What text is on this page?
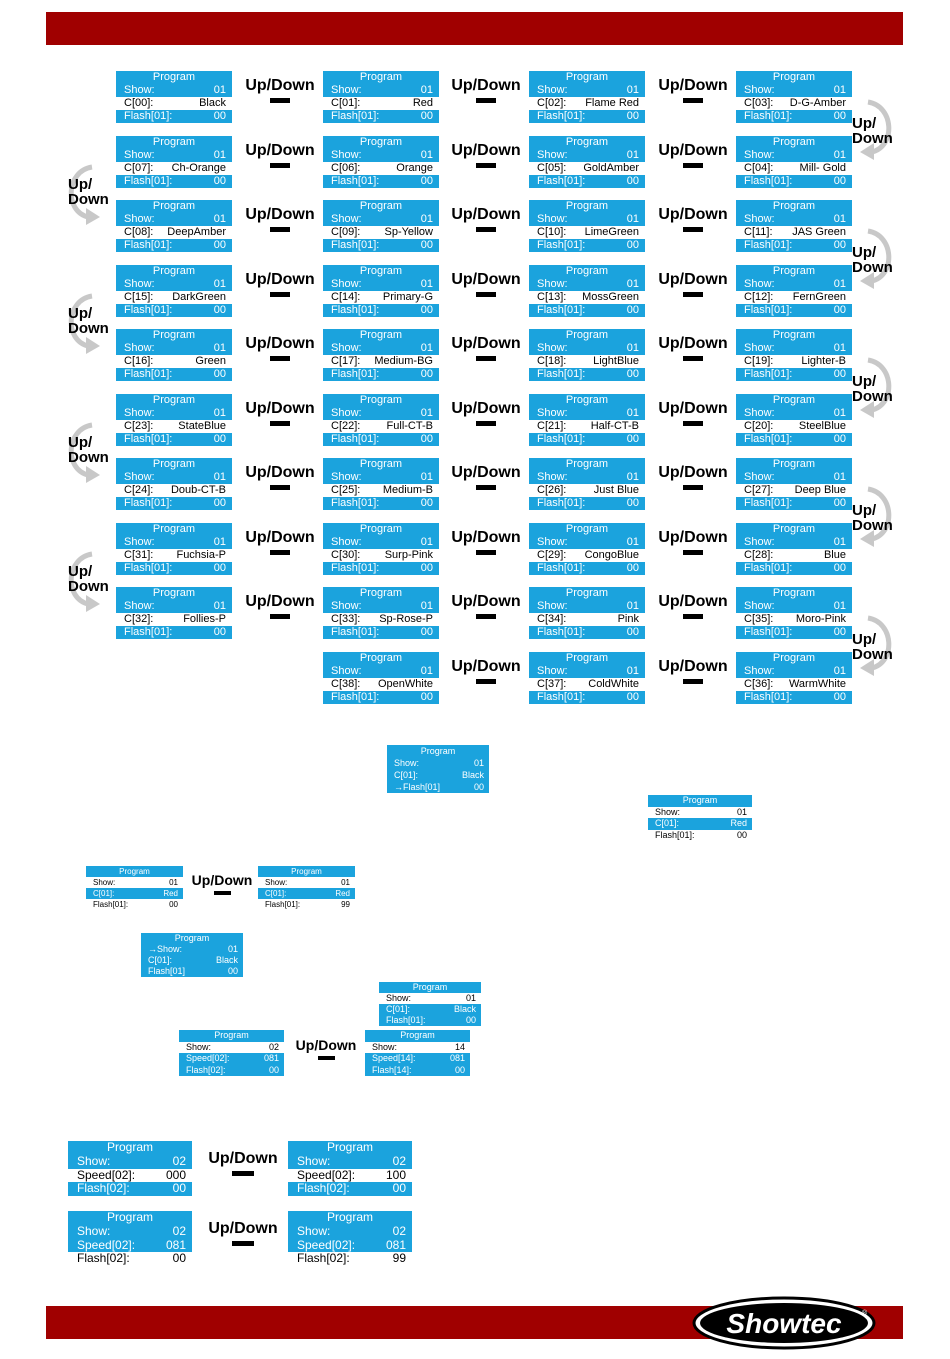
Showtec	®
Program
Show:	01
C[00]:	Black
Flash[01]:	00
Program
Show:	01
C[01]:	Red
Flash[01]:	00
Program
Show:	01
C[02]: Flame Red
Flash[01]:	00
Program
Show:	01
C[03]: D-G-Amber
Flash[01]:	00
Up/Down	Up/Down	Up/Down
Program
Show:	01
C[07]: Ch-Orange
Flash[01]:	00
Program
Show:	01
C[06]:	Orange
Flash[01]:	00
Program
Show:	01
C[05]: GoldAmber
Flash[01]:	00
Program
Show:	01
C[04]: Mill- Gold
Flash[01]:	00
Up/Down	Up/Down	Up/Down
Program
Show:	01
C[08]: DeepAmber
Flash[01]:	00
Program
Show:	01
C[09]: Sp-Yellow
Flash[01]:	00
Program
Show:	01
C[10]: LimeGreen
Flash[01]:	00
Program
Show:	01
C[11]: JAS Green
Flash[01]:	00
Up/Down	Up/Down	Up/Down
Program
Show:	01
C[15]: DarkGreen
Flash[01]:	00
Program
Show:	01
C[14]: Primary-G
Flash[01]:	00
Program
Show:	01
C[13]: MossGreen
Flash[01]:	00
Program
Show:	01
C[12]: FernGreen
Flash[01]:	00
Up/Down	Up/Down	Up/Down
Program
Show:	01
C[16]:	Green
Flash[01]:	00
Program
Show:	01
C[17]: Medium-BG
Flash[01]:	00
Program
Show:	01
C[18]: LightBlue
Flash[01]:	00
Program
Show:	01
C[19]:	Lighter-B
Flash[01]:	00
Up/Down	Up/Down	Up/Down
Program
Show:	01
C[23]: StateBlue
Flash[01]:	00
Program
Show:	01
C[22]: Full-CT-B
Flash[01]:	00
Program
Show:	01
C[21]: Half-CT-B
Flash[01]:	00
Program
Show:	01
C[20]: SteelBlue
Flash[01]:	00
Up/Down	Up/Down	Up/Down
Program
Show:	01
C[24]: Doub-CT-B
Flash[01]:	00
Program
Show:	01
C[25]: Medium-B
Flash[01]:	00
Program
Show:	01
C[26]: Just Blue
Flash[01]:	00
Program
Show:	01
C[27]: Deep Blue
Flash[01]:	00
Up/Down	Up/Down	Up/Down
Program
Show:	01
C[31]: Fuchsia-P
Flash[01]:	00
Program
Show:	01
C[30]: Surp-Pink
Flash[01]:	00
Program
Show:	01
C[29]: CongoBlue
Flash[01]:	00
Program
Show:	01
C[28]:	Blue
Flash[01]:	00
Up/Down	Up/Down	Up/Down
Program
Show:	01
C[32]:	Follies-P
Flash[01]:	00
Program
Show:	01
C[33]: Sp-Rose-P
Flash[01]:	00
Program
Show:	01
C[34]:	Pink
Flash[01]:	00
Program
Show:	01
C[35]: Moro-Pink
Flash[01]:	00
Up/Down	Up/Down	Up/Down
Program
Show:	01
C[38]: OpenWhite
Flash[01]:	00
Program
Show:	01
C[37]: ColdWhite
Flash[01]:	00
Program
Show:	01
C[36]: WarmWhite
Flash[01]:	00
Up/Down	Up/Down
Up/
Down
Up/
Down
Up/
Down
Up/
Down
Up/
Down
Up/
Down
Up/
Down
Up/
Down
Up/
Down
Program
Show:	01
C[01]:	Black
→Flash[01]	00
Program
Show:	01
C[01]:	Red
Flash[01]:	00
Program
Show:	01
C[01]:	Red
Flash[01]:	00
Program
Show:	01
C[01]:	Red
Flash[01]:	99
Up/Down
Program
→Show:	01
C[01]:	Black
Flash[01]	00
Program
Show:	01
C[01]:	Black
Flash[01]:	00
Program
Show:	02
Speed[02]:	081
Flash[02]:	00
Program
Show:	14
Speed[14]:	081
Flash[14]:	00
Up/Down
Program
Show:	02
Speed[02]:	000
Flash[02]:	00
Program
Show:	02
Speed[02]:	100
Flash[02]:	00
Up/Down
Program
Show:	02
Speed[02]:	081
Flash[02]:	00
Program
Show:	02
Speed[02]:	081
Flash[02]:	99
Up/Down
